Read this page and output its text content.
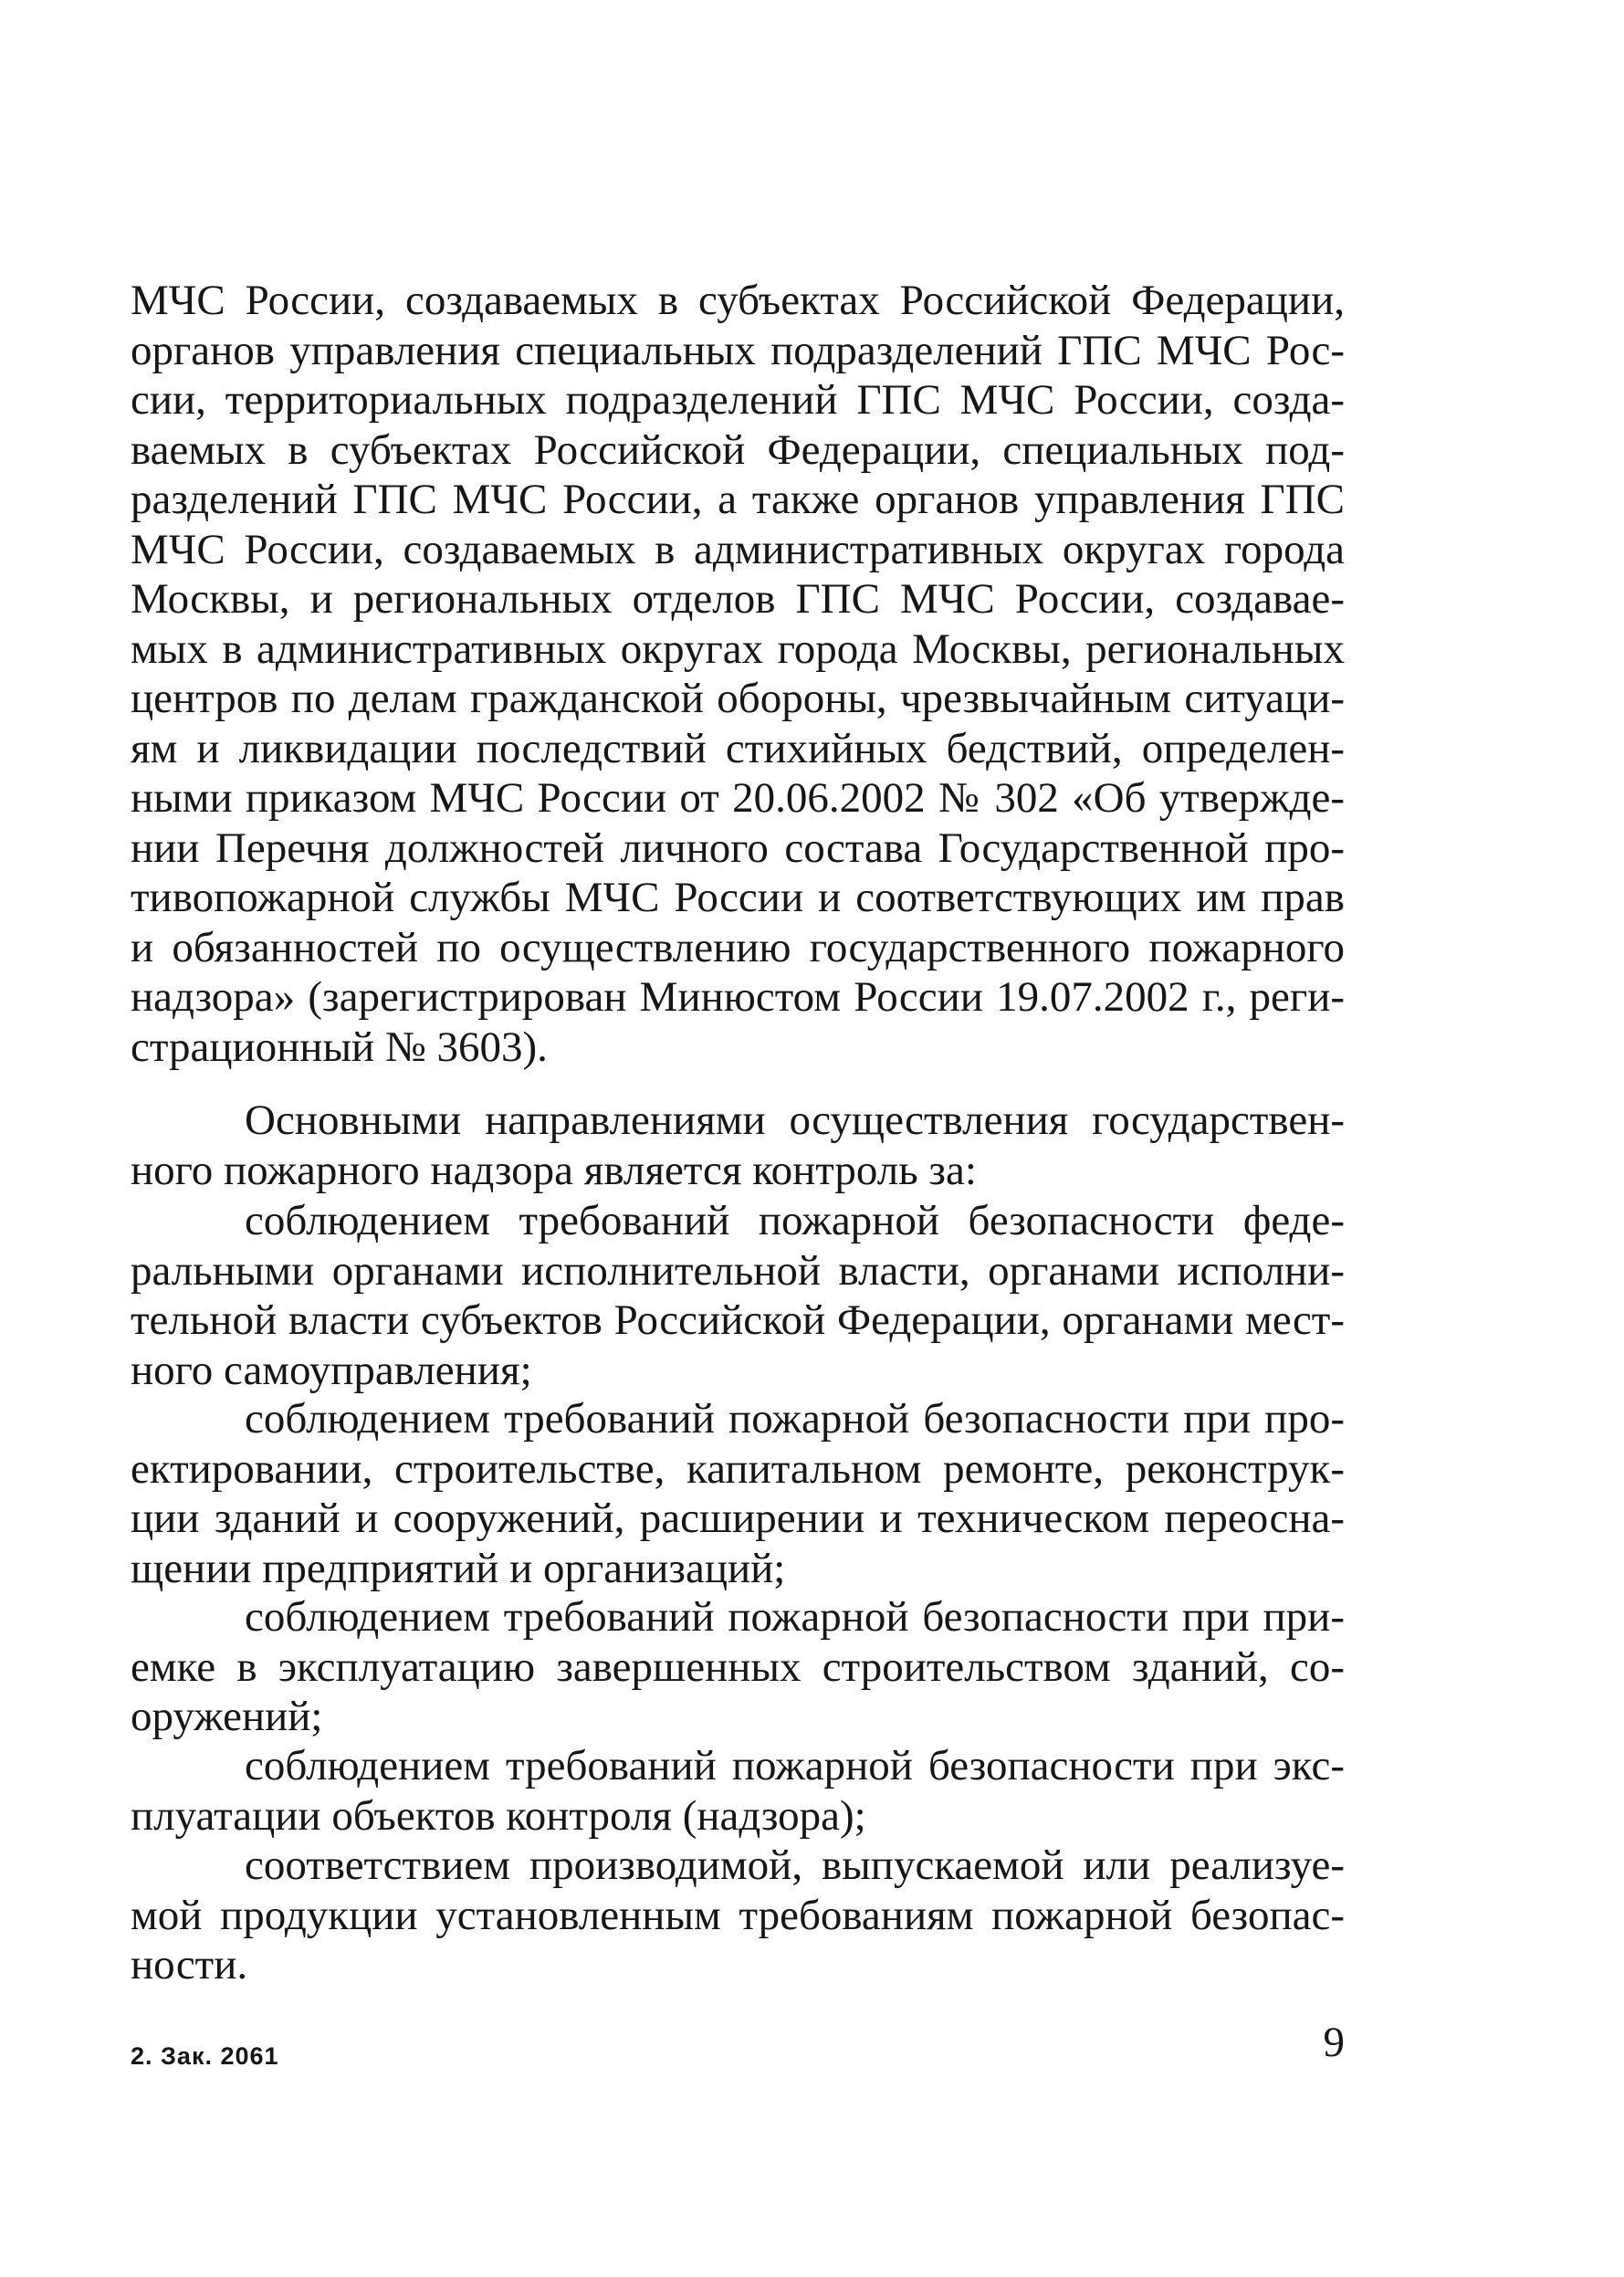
МЧС России, создаваемых в субъектах Российской Федерации,
органов управления специальных подразделений ГПС МЧС Рос-
сии, территориальных подразделений ГПС МЧС России, созда-
ваемых в субъектах Российской Федерации, специальных под-
разделений ГПС МЧС России, а также органов управления ГПС
МЧС России, создаваемых в административных округах города
Москвы, и региональных отделов ГПС МЧС России, создавае-
мых в административных округах города Москвы, региональных
центров по делам гражданской обороны, чрезвычайным ситуаци-
ям и ликвидации последствий стихийных бедствий, определен-
ными приказом МЧС России от 20.06.2002 № 302 «Об утвержде-
нии Перечня должностей личного состава Государственной про-
тивопожарной службы МЧС России и соответствующих им прав
и обязанностей по осуществлению государственного пожарного
надзора» (зарегистрирован Минюстом России 19.07.2002 г., реги-
страционный № 3603).
Основными направлениями осуществления государствен-
ного пожарного надзора является контроль за:
соблюдением требований пожарной безопасности феде-
ральными органами исполнительной власти, органами исполни-
тельной власти субъектов Российской Федерации, органами мест-
ного самоуправления;
соблюдением требований пожарной безопасности при про-
ектировании, строительстве, капитальном ремонте, реконструк-
ции зданий и сооружений, расширении и техническом переосна-
щении предприятий и организаций;
соблюдением требований пожарной безопасности при при-
емке в эксплуатацию завершенных строительством зданий, со-
оружений;
соблюдением требований пожарной безопасности при экс-
плуатации объектов контроля (надзора);
соответствием производимой, выпускаемой или реализуе-
мой продукции установленным требованиям пожарной безопас-
ности.
9
2. Зак. 2061
